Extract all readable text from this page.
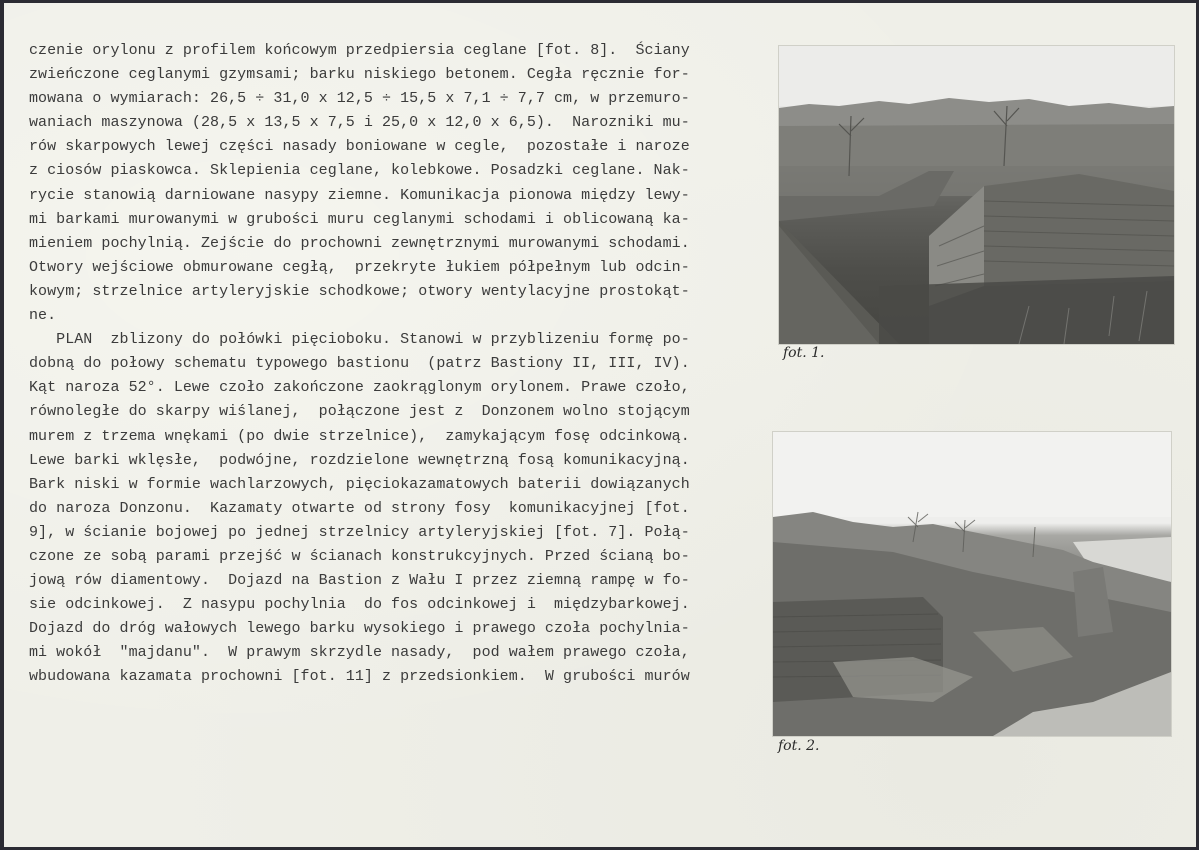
czenie orylonu z profilem końcowym przedpiersia ceglane [fot. 8].  Ściany
zwieńczone ceglanymi gzymsami; barku niskiego betonem. Cegła ręcznie for-
mowana o wymiarach: 26,5 ÷ 31,0 x 12,5 ÷ 15,5 x 7,1 ÷ 7,7 cm, w przemuro-
waniach maszynowa (28,5 x 13,5 x 7,5 i 25,0 x 12,0 x 6,5).  Narozniki mu-
rów skarpowych lewej części nasady boniowane w cegle,  pozostałe i naroze
z ciosów piaskowca. Sklepienia ceglane, kolebkowe. Posadzki ceglane. Nak-
rycie stanowią darniowane nasypy ziemne. Komunikacja pionowa między lewy-
mi barkami murowanymi w grubości muru ceglanymi schodami i oblicowaną ka-
mieniem pochylnią. Zejście do prochowni zewnętrznymi murowanymi schodami.
Otwory wejściowe obmurowane cegłą,  przekryte łukiem półpełnym lub odcin-
kowym; strzelnice artyleryjskie schodkowe; otwory wentylacyjne prostokąt-
ne.
PLAN  zblizony do połówki pięcioboku. Stanowi w przyblizeniu formę po-
dobną do połowy schematu typowego bastionu  (patrz Bastiony II, III, IV).
Kąt naroza 52°. Lewe czoło zakończone zaokrąglonym orylonem. Prawe czoło,
równoległe do skarpy wiślanej,  połączone jest z  Donzonem wolno stojącym
murem z trzema wnękami (po dwie strzelnice),  zamykającym fosę odcinkową.
Lewe barki wklęsłe,  podwójne, rozdzielone wewnętrzną fosą komunikacyjną.
Bark niski w formie wachlarzowych, pięciokazamatowych baterii dowiązanych
do naroza Donzonu.  Kazamaty otwarte od strony fosy  komunikacyjnej [fot.
9], w ścianie bojowej po jednej strzelnicy artyleryjskiej [fot. 7]. Połą-
czone ze sobą parami przejść w ścianach konstrukcyjnych. Przed ścianą bo-
jową rów diamentowy.  Dojazd na Bastion z Wału I przez ziemną rampę w fo-
sie odcinkowej.  Z nasypu pochylnia  do fos odcinkowej i  międzybarkowej.
Dojazd do dróg wałowych lewego barku wysokiego i prawego czoła pochylnia-
mi wokół  "majdanu".  W prawym skrzydle nasady,  pod wałem prawego czoła,
wbudowana kazamata prochowni [fot. 11] z przedsionkiem.  W grubości murów
fot. 1.
fot. 2.
